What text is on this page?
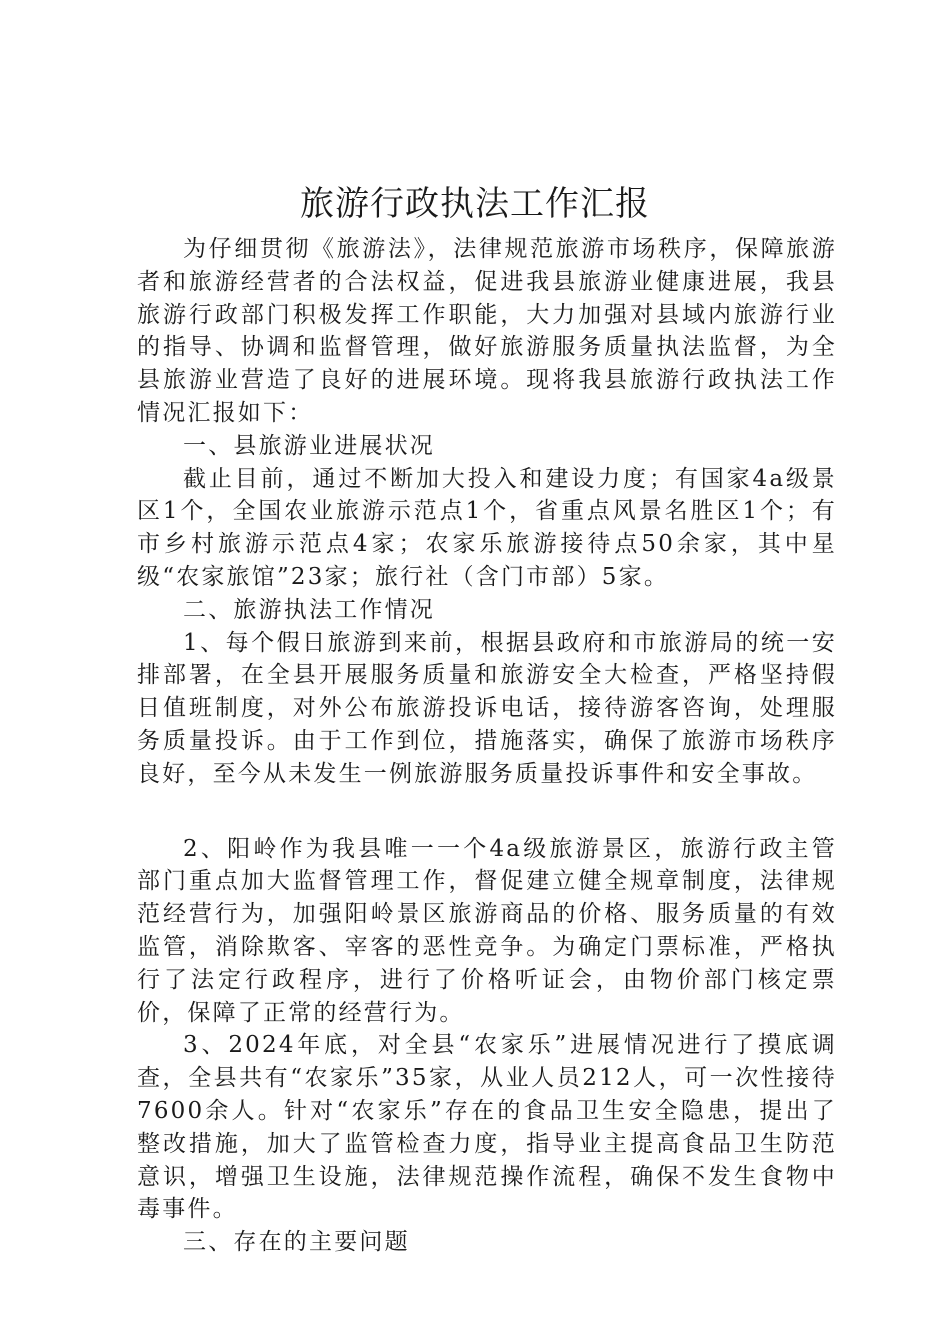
旅游行政执法工作汇报

为仔细贯彻《旅游法》，法律规范旅游市场秩序，保障旅游者和旅游经营者的合法权益，促进我县旅游业健康进展，我县旅游行政部门积极发挥工作职能，大力加强对县域内旅游行业的指导、协调和监督管理，做好旅游服务质量执法监督，为全县旅游业营造了良好的进展环境。现将我县旅游行政执法工作情况汇报如下：

一、县旅游业进展状况

截止目前，通过不断加大投入和建设力度；有国家4a级景区1个，全国农业旅游示范点1个，省重点风景名胜区1个；有市乡村旅游示范点4家；农家乐旅游接待点50余家，其中星级“农家旅馆”23家；旅行社（含门市部）5家。

二、旅游执法工作情况

1、每个假日旅游到来前，根据县政府和市旅游局的统一安排部署，在全县开展服务质量和旅游安全大检查，严格坚持假日值班制度，对外公布旅游投诉电话，接待游客咨询，处理服务质量投诉。由于工作到位，措施落实，确保了旅游市场秩序良好，至今从未发生一例旅游服务质量投诉事件和安全事故。

2、阳岭作为我县唯一一个4a级旅游景区，旅游行政主管部门重点加大监督管理工作，督促建立健全规章制度，法律规范经营行为，加强阳岭景区旅游商品的价格、服务质量的有效监管，消除欺客、宰客的恶性竞争。为确定门票标准，严格执行了法定行政程序，进行了价格听证会，由物价部门核定票价，保障了正常的经营行为。

3、2024年底，对全县“农家乐”进展情况进行了摸底调查，全县共有“农家乐”35家，从业人员212人，可一次性接待7600余人。针对“农家乐”存在的食品卫生安全隐患，提出了整改措施，加大了监管检查力度，指导业主提高食品卫生防范意识，增强卫生设施，法律规范操作流程，确保不发生食物中毒事件。

三、存在的主要问题
